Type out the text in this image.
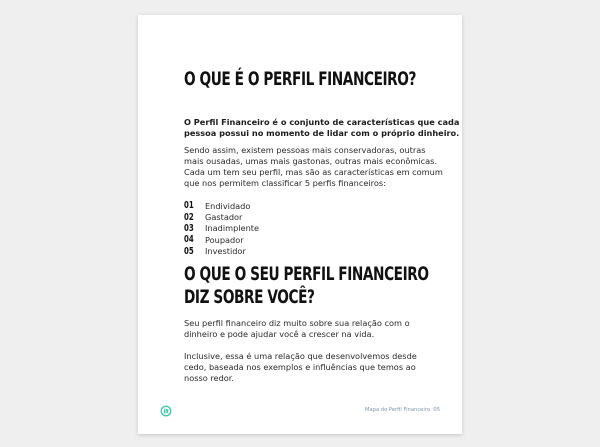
O QUE É O PERFIL FINANCEIRO?

O Perfil Financeiro é o conjunto de características que cada
pessoa possui no momento de lidar com o próprio dinheiro.

Sendo assim, existem pessoas mais conservadoras, outras
mais ousadas, umas mais gastonas, outras mais econômicas.
Cada um tem seu perfil, mas são as características em comum
que nos permitem classificar 5 perfis financeiros:

01	Endividado
02	Gastador
03	Inadimplente
04	Poupador
05	Investidor
O QUE O SEU PERFIL FINANCEIRO
DIZ SOBRE VOCÊ?

Seu perfil financeiro diz muito sobre sua relação com o
dinheiro e pode ajudar você a crescer na vida.

Inclusive, essa é uma relação que desenvolvemos desde
cedo, baseada nos exemplos e influências que temos ao
nosso redor.

Mapa do Perfil Financeiro 05
